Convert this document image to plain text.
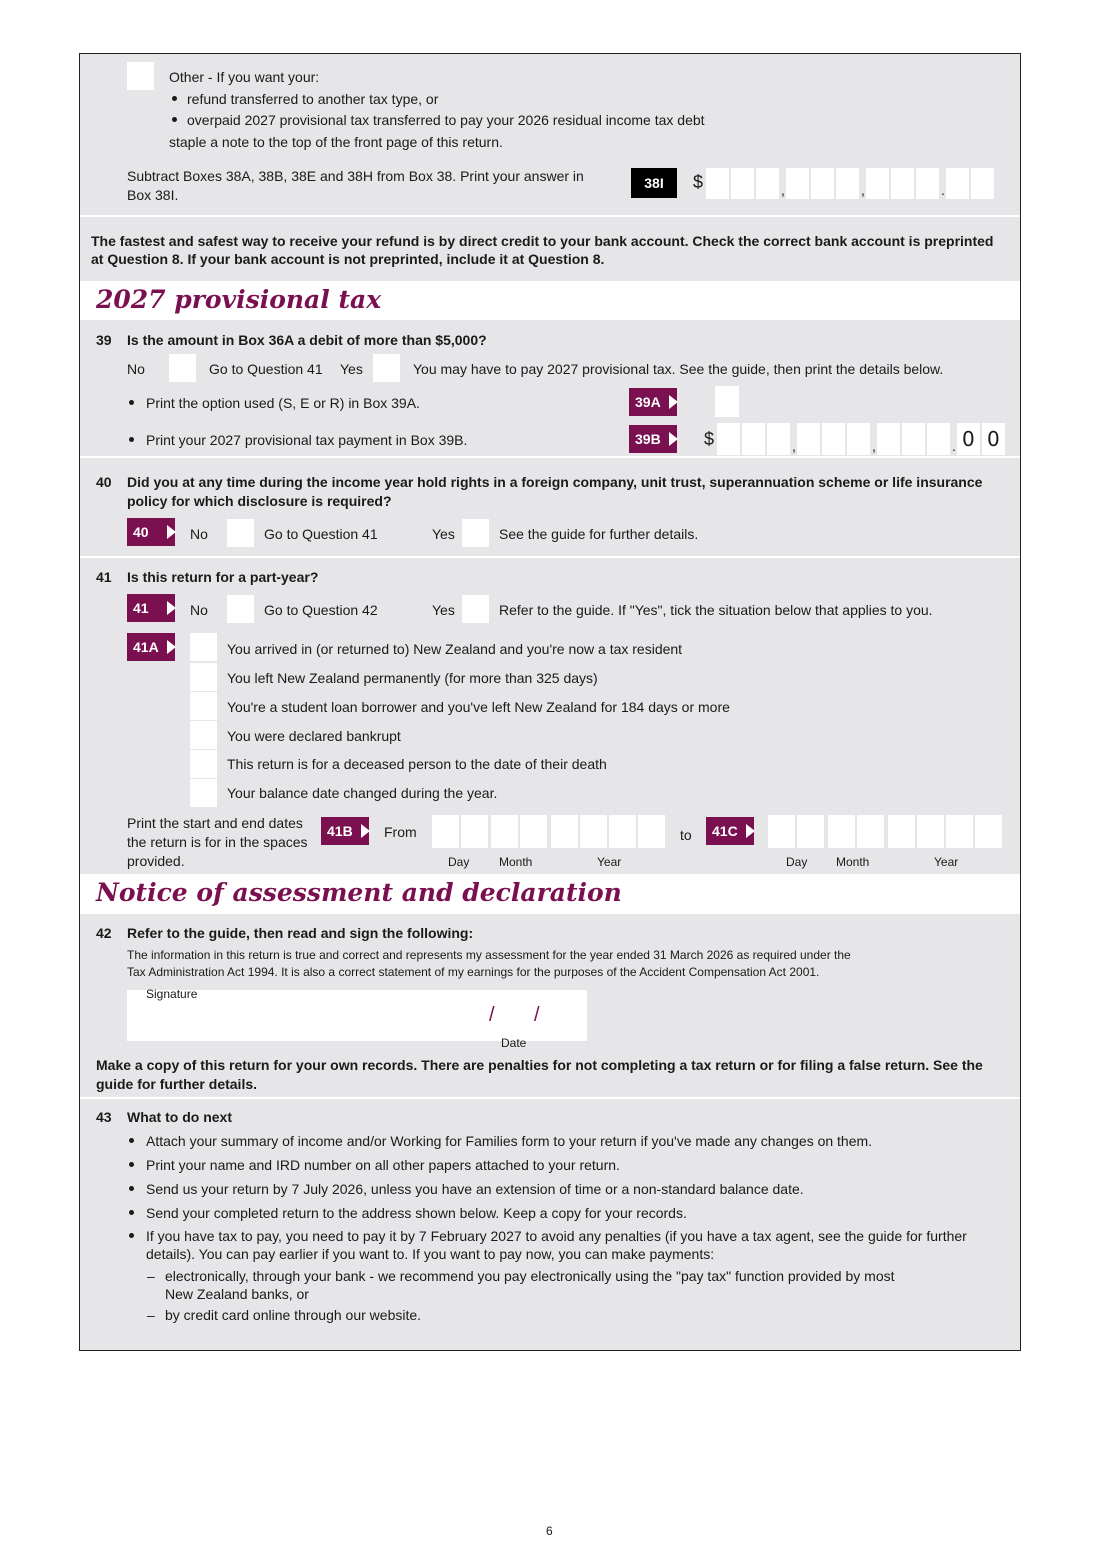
Other - If you want your:
refund transferred to another tax type, or
overpaid 2027 provisional tax transferred to pay your 2026 residual income tax debt
staple a note to the top of the front page of this return.
Subtract Boxes 38A, 38B, 38E and 38H from Box 38. Print your answer in
Box 38I.
38I	$	,	,	.
The fastest and safest way to receive your refund is by direct credit to your bank account. Check the correct bank account is preprinted
at Question 8. If your bank account is not preprinted, include it at Question 8.
2027 provisional tax
39 Is the amount in Box 36A a debit of more than $5,000?
No	Go to Question 41 Yes	You may have to pay 2027 provisional tax. See the guide, then print the details below.
Print the option used (S, E or R) in Box 39A.	39A
Print your 2027 provisional tax payment in Box 39B.	39B	$	,	,	. 0 0
40 Did you at any time during the income year hold rights in a foreign company, unit trust, superannuation scheme or life insurance
policy for which disclosure is required?
40	No	Go to Question 41	Yes	See the guide for further details.
41 Is this return for a part-year?
41	No	Go to Question 42	Yes	Refer to the guide. If "Yes", tick the situation below that applies to you.
41A	You arrived in (or returned to) New Zealand and you're now a tax resident
You left New Zealand permanently (for more than 325 days)
You're a student loan borrower and you've left New Zealand for 184 days or more
You were declared bankrupt
This return is for a deceased person to the date of their death
Your balance date changed during the year.
Print the start and end dates
the return is for in the spaces
provided.
41B	From
Day Month	Year
to	41C
Day Month	Year
Notice of assessment and declaration
42 Refer to the guide, then read and sign the following:
The information in this return is true and correct and represents my assessment for the year ended 31 March 2026 as required under the
Tax Administration Act 1994. It is also a correct statement of my earnings for the purposes of the Accident Compensation Act 2001.
Signature
/ /
Date
Make a copy of this return for your own records. There are penalties for not completing a tax return or for filing a false return. See the
guide for further details.
43 What to do next
Attach your summary of income and/or Working for Families form to your return if you've made any changes on them.
Print your name and IRD number on all other papers attached to your return.
Send us your return by 7 July 2026, unless you have an extension of time or a non-standard balance date.
Send your completed return to the address shown below. Keep a copy for your records.
If you have tax to pay, you need to pay it by 7 February 2027 to avoid any penalties (if you have a tax agent, see the guide for further
details). You can pay earlier if you want to. If you want to pay now, you can make payments:
– electronically, through your bank - we recommend you pay electronically using the "pay tax" function provided by most
New Zealand banks, or
– by credit card online through our website.
6
